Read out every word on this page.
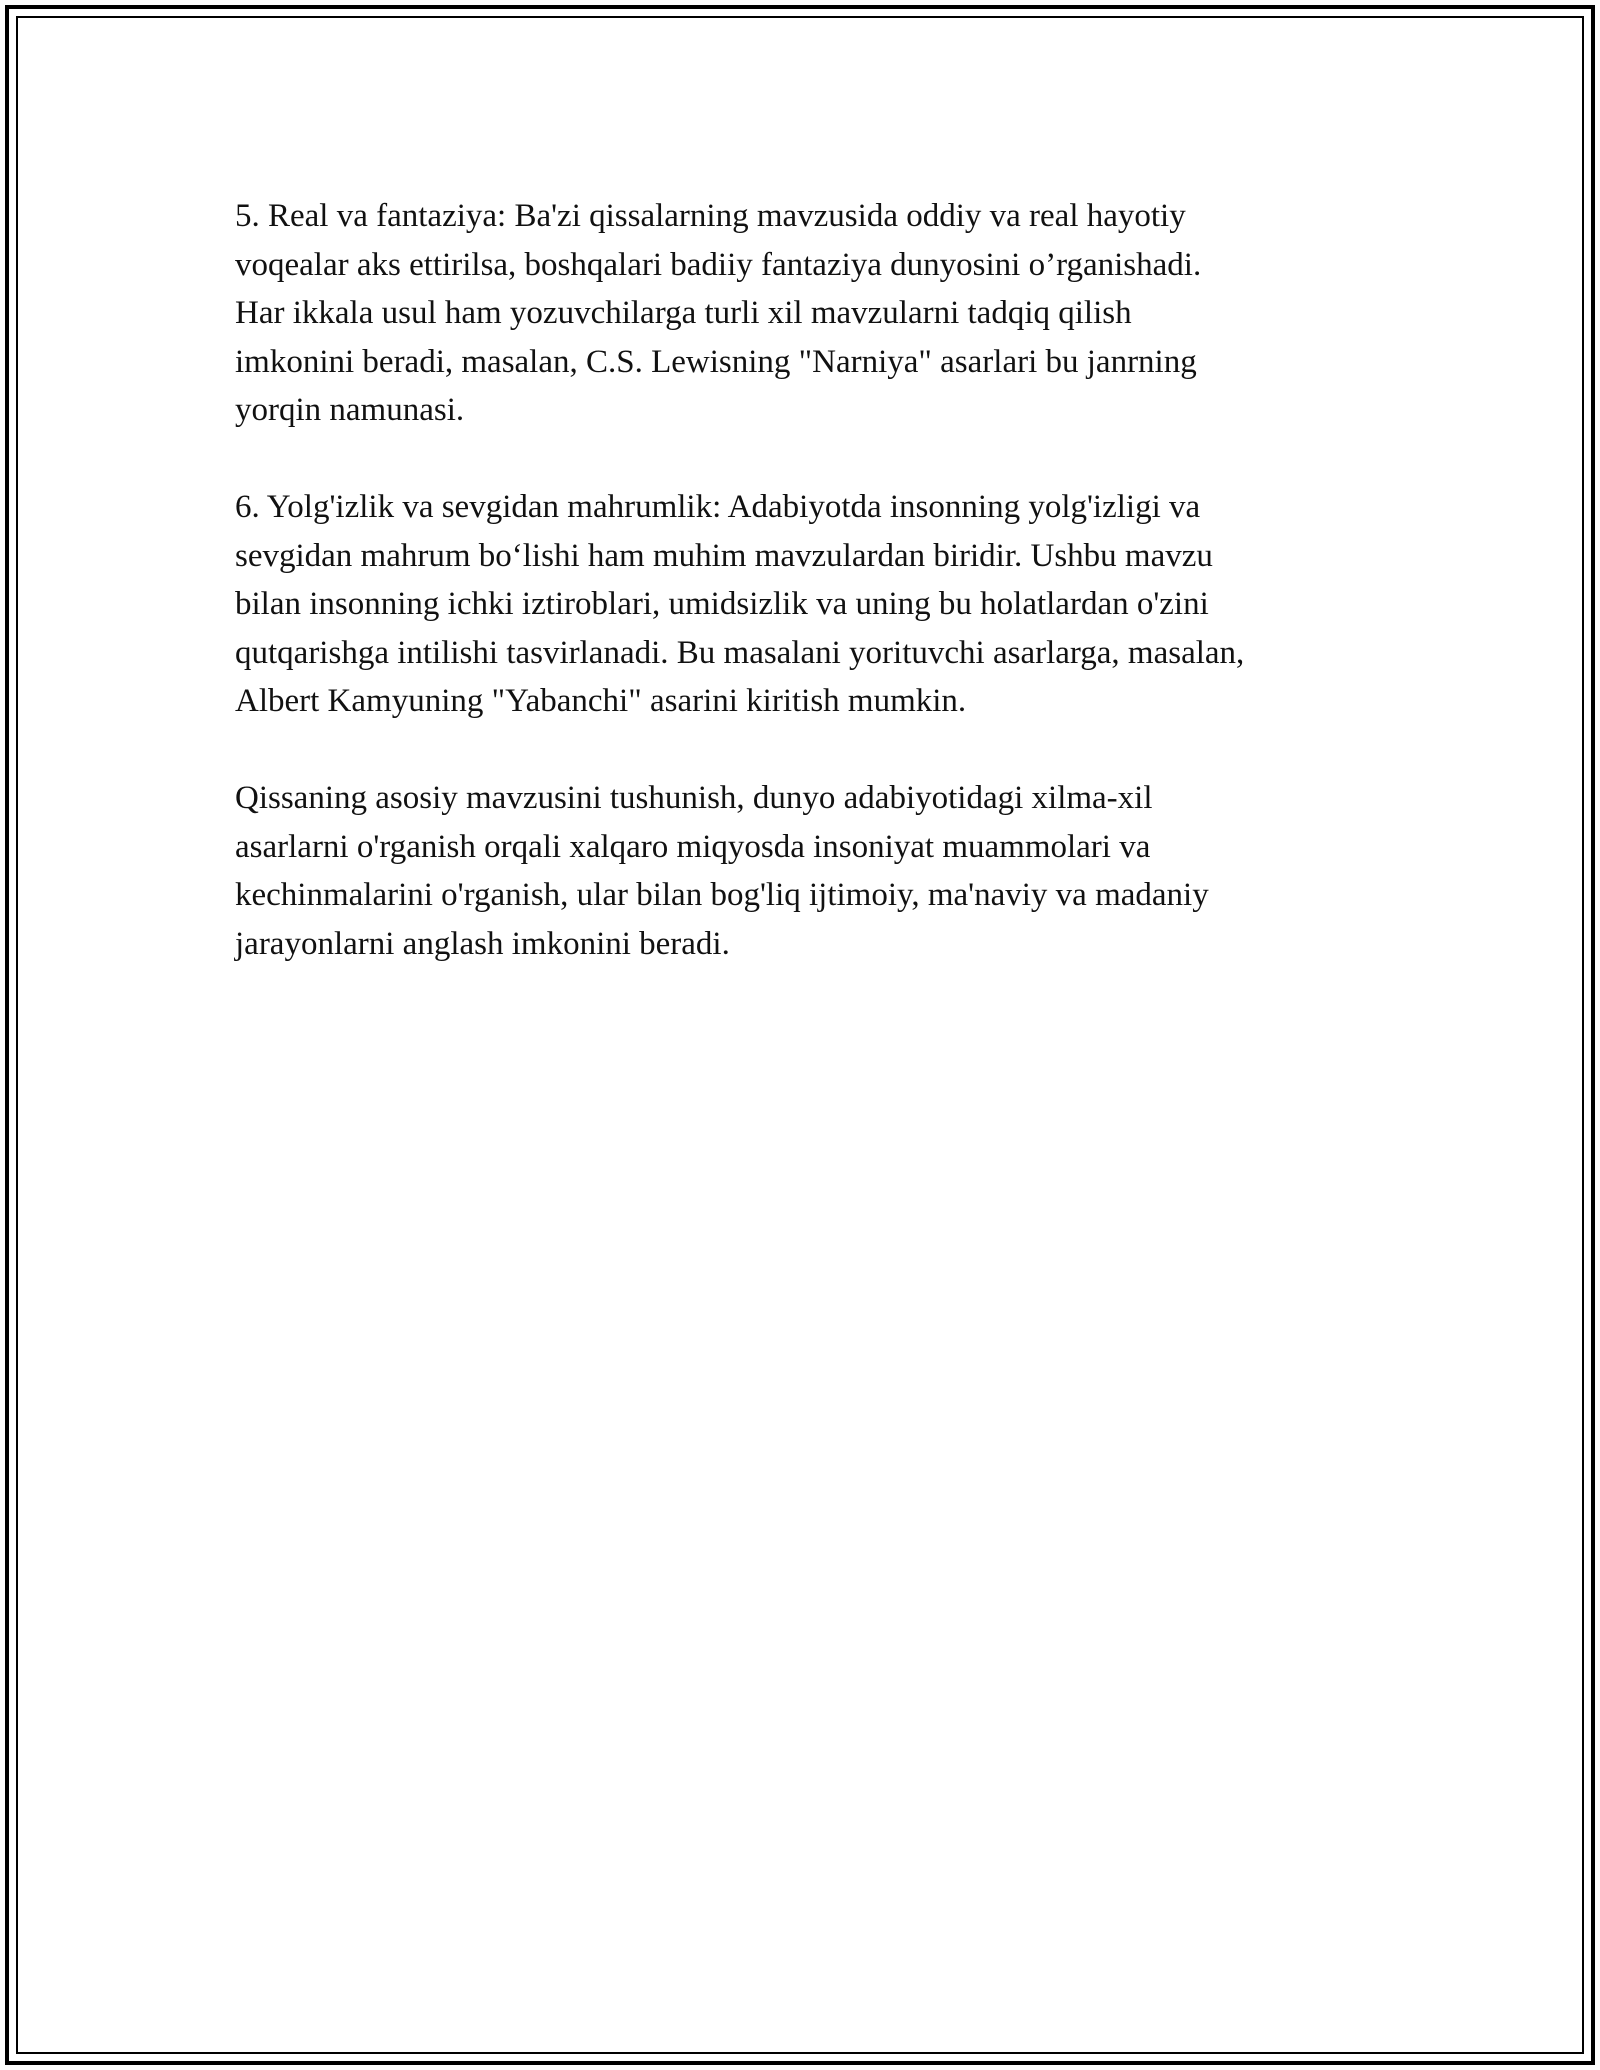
5. Real va fantaziya: Ba'zi qissalarning mavzusida oddiy va real hayotiy
voqealar aks ettirilsa, boshqalari badiiy fantaziya dunyosini o’rganishadi.
Har ikkala usul ham yozuvchilarga turli xil mavzularni tadqiq qilish
imkonini beradi, masalan, C.S. Lewisning "Narniya" asarlari bu janrning
yorqin namunasi.

6. Yolg'izlik va sevgidan mahrumlik: Adabiyotda insonning yolg'izligi va
sevgidan mahrum bo‘lishi ham muhim mavzulardan biridir. Ushbu mavzu
bilan insonning ichki iztiroblari, umidsizlik va uning bu holatlardan o'zini
qutqarishga intilishi tasvirlanadi. Bu masalani yorituvchi asarlarga, masalan,
Albert Kamyuning "Yabanchi" asarini kiritish mumkin.

Qissaning asosiy mavzusini tushunish, dunyo adabiyotidagi xilma-xil
asarlarni o'rganish orqali xalqaro miqyosda insoniyat muammolari va
kechinmalarini o'rganish, ular bilan bog'liq ijtimoiy, ma'naviy va madaniy
jarayonlarni anglash imkonini beradi.
